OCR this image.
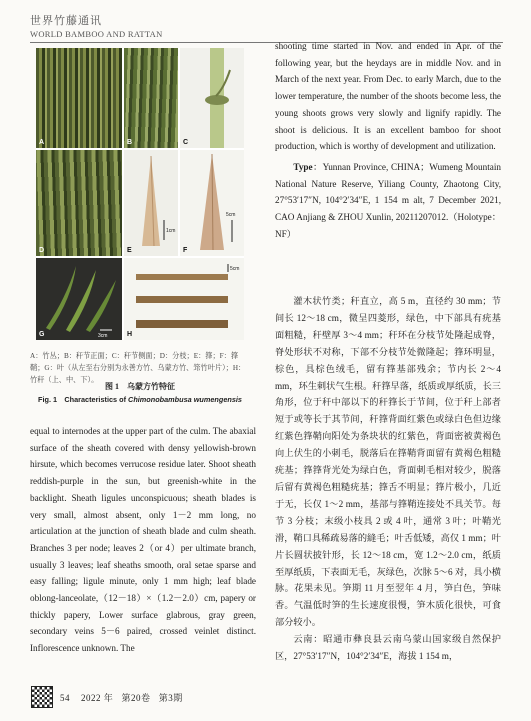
世界竹藤通讯
WORLD BAMBOO AND RATTAN
A	B	C
D
1cm
E
5cm
F
3cm
G
5cm
H
A：竹丛；B：秆节正面；C：秆节侧面；D：分枝；E：箨；F：箨鞘；G：叶（从左至右分别为永善方竹、乌蒙方竹、筇竹叶片）；H：竹秆（上、中、下）。
图 1　乌蒙方竹特征
Fig. 1　Characteristics of Chimonobambusa wumengensis

equal to internodes at the upper part of the culm. The abaxial surface of the sheath covered with densy yellowish-brown hirsute, which becomes verrucose residue later. Shoot sheath reddish-purple in the sun, but greenish-white in the backlight. Sheath ligules unconspicuous; sheath blades is very small, almost absent, only 1－2 mm long, no articulation at the junction of sheath blade and culm sheath. Branches 3 per node; leaves 2（or 4）per ultimate branch, usually 3 leaves; leaf sheaths smooth, oral setae sparse and easy falling; ligule minute, only 1 mm high; leaf blade oblong-lanceolate,（12－18）×（1.2－2.0）cm, papery or thickly papery, Lower surface glabrous, gray green, secondary veins 5－6 paired, crossed veinlet distinct. Inflorescence unknown. The

shooting time started in Nov. and ended in Apr. of the following year, but the heydays are in middle Nov. and in March of the next year. From Dec. to early March, due to the lower temperature, the number of the shoots become less, the young shoots grows very slowly and lignify rapidly. The shoot is delicious. It is an excellent bamboo for shoot production, which is worthy of development and utilization.

Type：Yunnan Province, CHINA；Wumeng Mountain National Nature Reserve, Yiliang County, Zhaotong City, 27°53′17″N, 104°2′34″E, 1 154 m alt, 7 December 2021, CAO Anjiang & ZHOU Xunlin, 20211207012.（Holotype：NF）

灌木状竹类；秆直立，高 5 m，直径约 30 mm；节间长 12～18 cm，微呈四菱形，绿色，中下部具有疣基面粗糙，秆壁厚 3～4 mm；秆环在分枝节处隆起成脊，脊处形状不对称，下部不分枝节处微隆起；箨环明显，棕色，具棕色绒毛，留有箨基部残余；节内长 2～4 mm，环生刺状气生根。秆箨早落，纸质或厚纸质，长三角形，位于秆中部以下的秆箨长于节间，位于秆上部者短于或等长于其节间，秆箨背面红紫色或绿白色但边缘红紫色箨鞘向阳处为条块状的红紫色，背面密被黄褐色向上伏生的小刺毛，脱落后在箨鞘背面留有黄褐色粗糙疣基；箨箨背光处为绿白色，背面刺毛相对较少，脱落后留有黄褐色粗糙疣基；箨舌不明显；箨片极小，几近于无，长仅 1～2 mm，基部与箨鞘连接处不具关节。每节 3 分枝；末级小枝具 2 或 4 叶，通常 3 叶；叶鞘光滑，鞘口具稀疏易落的縫毛；叶舌低矮，高仅 1 mm；叶片长圆状披针形，长 12～18 cm，宽 1.2～2.0 cm，纸质至厚纸质，下表面无毛，灰绿色，次脉 5～6 对，具小横脉。花果未见。笋期 11 月至翌年 4 月，笋白色，笋味香。气温低时笋的生长速度很慢，笋木质化很快，可食部分较小。

云南：昭通市彝良县云南乌蒙山国家级自然保护区，27°53′17″N，104°2′34″E，海拔 1 154 m，

54 2022 年 第20卷 第3期
